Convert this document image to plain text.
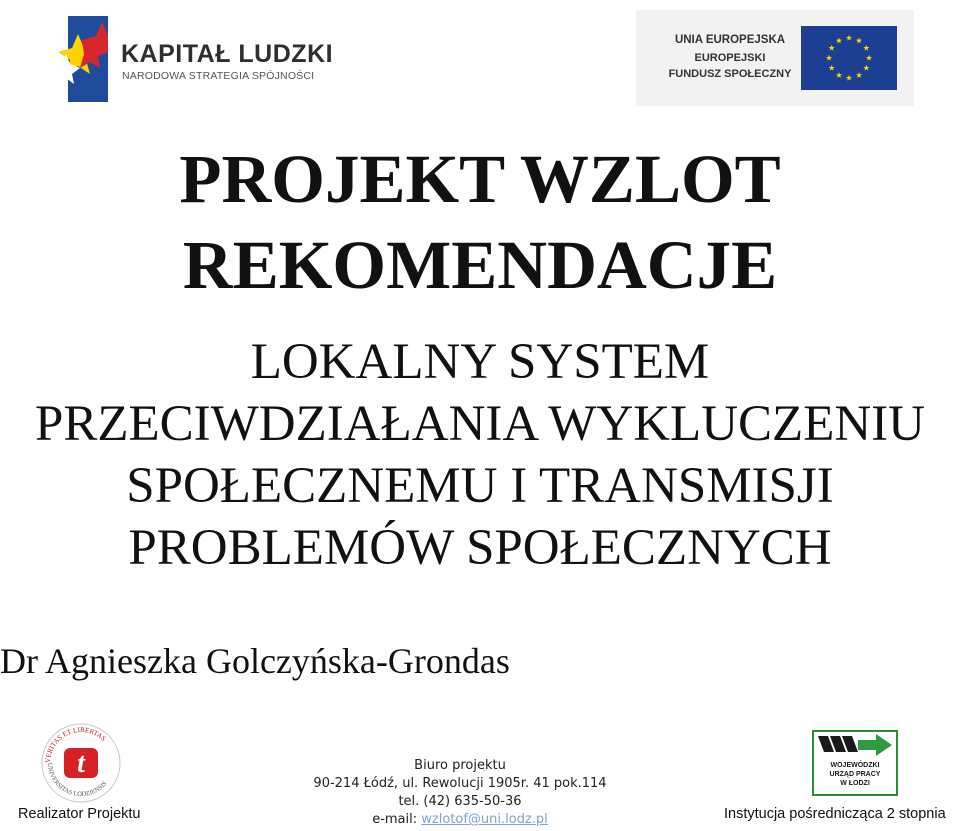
KAPITAŁ LUDZKI
NARODOWA STRATEGIA SPÓJNOŚCI
UNIA EUROPEJSKA
EUROPEJSKI
FUNDUSZ SPOŁECZNY
PROJEKT WZLOT
REKOMENDACJE
LOKALNY SYSTEM
PRZECIWDZIAŁANIA WYKLUCZENIU
SPOŁECZNEMU I TRANSMISJI
PROBLEMÓW SPOŁECZNYCH
Dr Agnieszka Golczyńska-Grondas
VERITAS ET LIBERTAS
UNIVERSITAS LODZIENSIS
t
Realizator Projektu
Biuro projektu
90-214 Łódź, ul. Rewolucji 1905r. 41 pok.114
tel. (42) 635-50-36
e-mail: wzlotof@uni.lodz.pl
WOJEWÓDZKI
URZĄD PRACY
W ŁODZI
Instytucja pośrednicząca 2 stopnia
